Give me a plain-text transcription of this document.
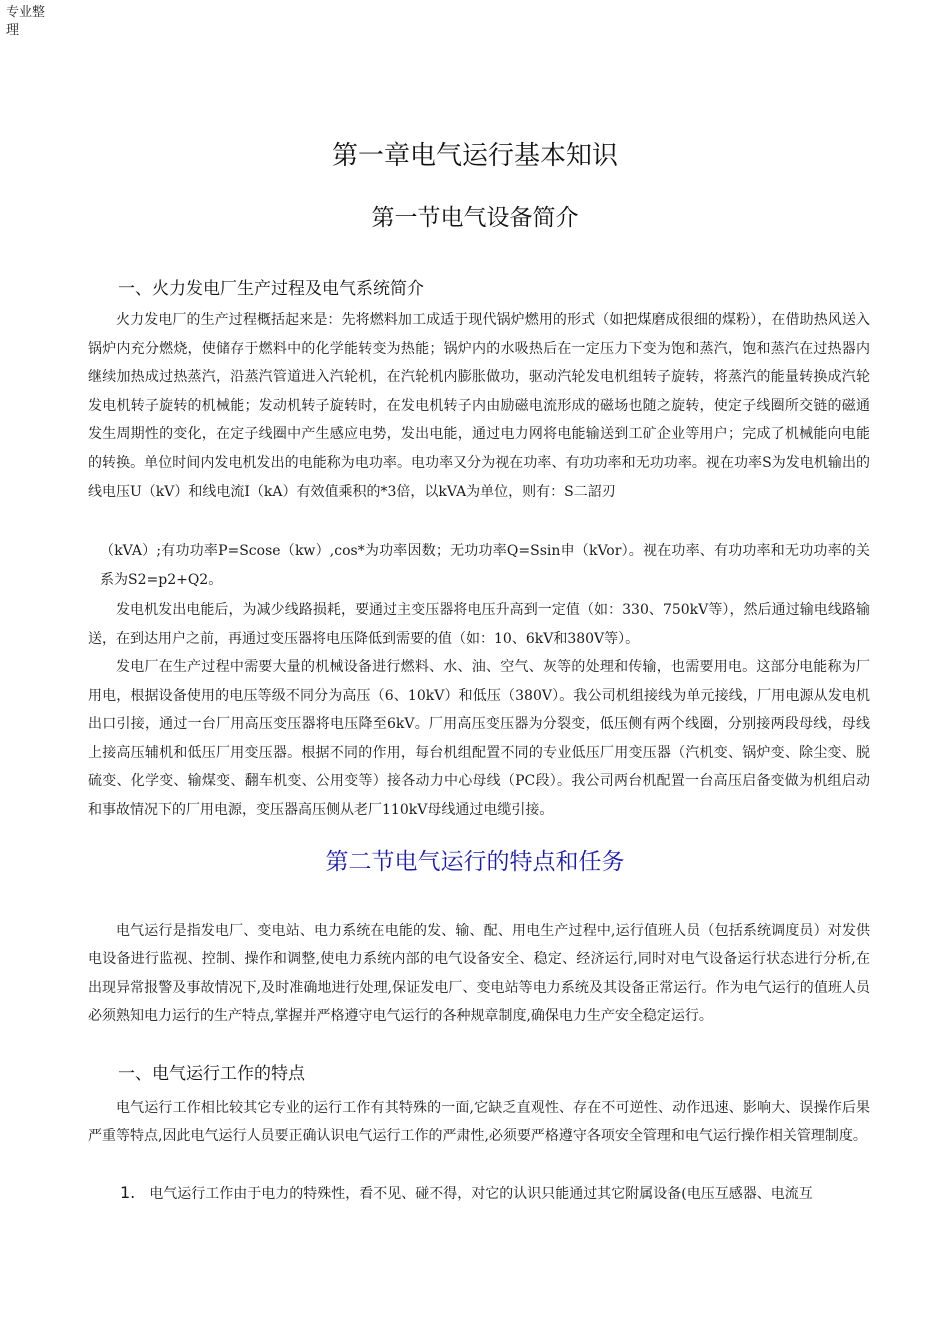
专业整理
第一章电气运行基本知识
第一节电气设备简介
一、火力发电厂生产过程及电气系统简介

火力发电厂的生产过程概括起来是：先将燃料加工成适于现代锅炉燃用的形式（如把煤磨成很细的煤粉），在借助热风送入锅炉内充分燃烧，使储存于燃料中的化学能转变为热能；锅炉内的水吸热后在一定压力下变为饱和蒸汽，饱和蒸汽在过热器内继续加热成过热蒸汽，沿蒸汽管道进入汽轮机，在汽轮机内膨胀做功，驱动汽轮发电机组转子旋转，将蒸汽的能量转换成汽轮发电机转子旋转的机械能；发动机转子旋转时，在发电机转子内由励磁电流形成的磁场也随之旋转，使定子线圈所交链的磁通发生周期性的变化，在定子线圈中产生感应电势，发出电能，通过电力网将电能输送到工矿企业等用户；完成了机械能向电能的转换。单位时间内发电机发出的电能称为电功率。电功率又分为视在功率、有功功率和无功功率。视在功率S为发电机输出的线电压U（kV）和线电流I（kA）有效值乘积的*3倍，以kVA为单位，则有：S二詔刃

（kVA）;有功功率P=Scose（kw）,cos*为功率因数；无功功率Q=Ssin申（kVor）。视在功率、有功功率和无功功率的关系为S2=p2+Q2。

发电机发出电能后，为减少线路损耗，要通过主变压器将电压升高到一定值（如：330、750kV等），然后通过输电线路输送，在到达用户之前，再通过变压器将电压降低到需要的值（如：10、6kV和380V等）。

发电厂在生产过程中需要大量的机械设备进行燃料、水、油、空气、灰等的处理和传输，也需要用电。这部分电能称为厂用电，根据设备使用的电压等级不同分为高压（6、10kV）和低压（380V）。我公司机组接线为单元接线，厂用电源从发电机出口引接，通过一台厂用高压变压器将电压降至6kV。厂用高压变压器为分裂变，低压侧有两个线圈，分别接两段母线，母线上接高压辅机和低压厂用变压器。根据不同的作用，每台机组配置不同的专业低压厂用变压器（汽机变、锅炉变、除尘变、脱硫变、化学变、输煤变、翻车机变、公用变等）接各动力中心母线（PC段）。我公司两台机配置一台高压启备变做为机组启动和事故情况下的厂用电源，变压器高压侧从老厂110kV母线通过电缆引接。

第二节电气运行的特点和任务

电气运行是指发电厂、变电站、电力系统在电能的发、输、配、用电生产过程中,运行值班人员（包括系统调度员）对发供电设备进行监视、控制、操作和调整,使电力系统内部的电气设备安全、稳定、经济运行,同时对电气设备运行状态进行分析,在出现异常报警及事故情况下,及时准确地进行处理,保证发电厂、变电站等电力系统及其设备正常运行。作为电气运行的值班人员必须熟知电力运行的生产特点,掌握并严格遵守电气运行的各种规章制度,确保电力生产安全稳定运行。

一、电气运行工作的特点

电气运行工作相比较其它专业的运行工作有其特殊的一面,它缺乏直观性、存在不可逆性、动作迅速、影响大、误操作后果严重等特点,因此电气运行人员要正确认识电气运行工作的严肃性,必须要严格遵守各项安全管理和电气运行操作相关管理制度。

1. 电气运行工作由于电力的特殊性，看不见、碰不得，对它的认识只能通过其它附属设备(电压互感器、电流互
